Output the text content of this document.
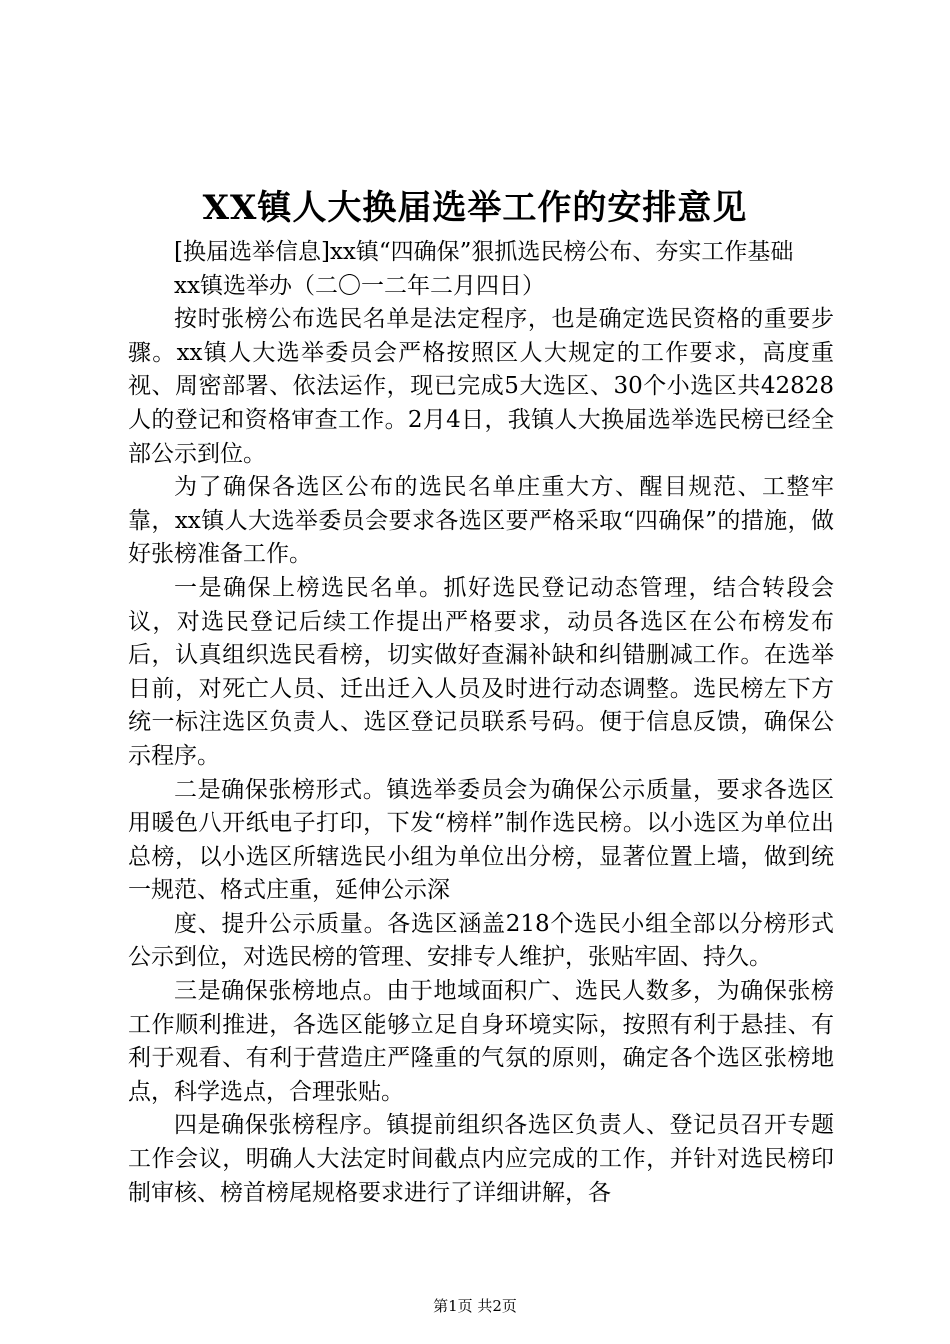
XX镇人大换届选举工作的安排意见

[换届选举信息]xx镇“四确保”狠抓选民榜公布、夯实工作基础

xx镇选举办（二〇一二年二月四日）

按时张榜公布选民名单是法定程序，也是确定选民资格的重要步骤。xx镇人大选举委员会严格按照区人大规定的工作要求，高度重视、周密部署、依法运作，现已完成5大选区、30个小选区共42828人的登记和资格审查工作。2月4日，我镇人大换届选举选民榜已经全部公示到位。

为了确保各选区公布的选民名单庄重大方、醒目规范、工整牢靠，xx镇人大选举委员会要求各选区要严格采取“四确保”的措施，做好张榜准备工作。

一是确保上榜选民名单。抓好选民登记动态管理，结合转段会议，对选民登记后续工作提出严格要求，动员各选区在公布榜发布后，认真组织选民看榜，切实做好查漏补缺和纠错删减工作。在选举日前，对死亡人员、迁出迁入人员及时进行动态调整。选民榜左下方统一标注选区负责人、选区登记员联系号码。便于信息反馈，确保公示程序。

二是确保张榜形式。镇选举委员会为确保公示质量，要求各选区用暖色八开纸电子打印，下发“榜样”制作选民榜。以小选区为单位出总榜，以小选区所辖选民小组为单位出分榜，显著位置上墙，做到统一规范、格式庄重，延伸公示深

度、提升公示质量。各选区涵盖218个选民小组全部以分榜形式公示到位，对选民榜的管理、安排专人维护，张贴牢固、持久。

三是确保张榜地点。由于地域面积广、选民人数多，为确保张榜工作顺利推进，各选区能够立足自身环境实际，按照有利于悬挂、有利于观看、有利于营造庄严隆重的气氛的原则，确定各个选区张榜地点，科学选点，合理张贴。

四是确保张榜程序。镇提前组织各选区负责人、登记员召开专题工作会议，明确人大法定时间截点内应完成的工作，并针对选民榜印制审核、榜首榜尾规格要求进行了详细讲解，各

第1页 共2页
